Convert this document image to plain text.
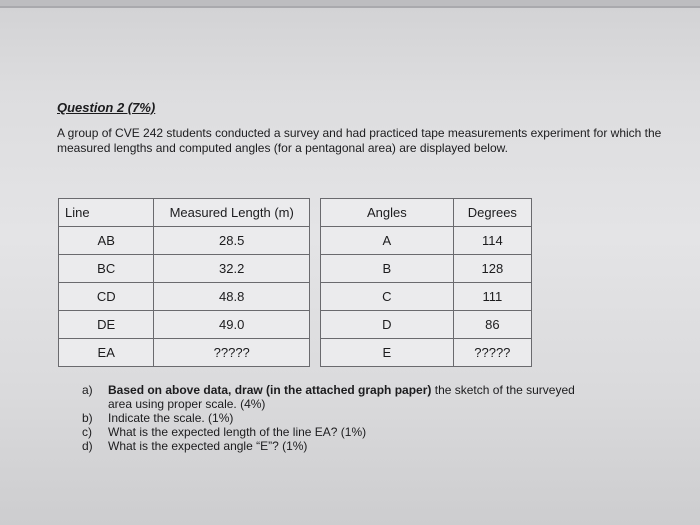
Question 2 (7%)
A group of CVE 242 students conducted a survey and had practiced tape measurements experiment for which the measured lengths and computed angles (for a pentagonal area) are displayed below.
Line	Measured Length (m)
AB	28.5
BC	32.2
CD	48.8
DE	49.0
EA	?????
Angles	Degrees
A	114
B	128
C	111
D	86
E	?????
a)	Based on above data, draw (in the attached graph paper) the sketch of the surveyed
area using proper scale. (4%)
b)	Indicate the scale. (1%)
c)	What is the expected length of the line EA? (1%)
d)	What is the expected angle “E”? (1%)
